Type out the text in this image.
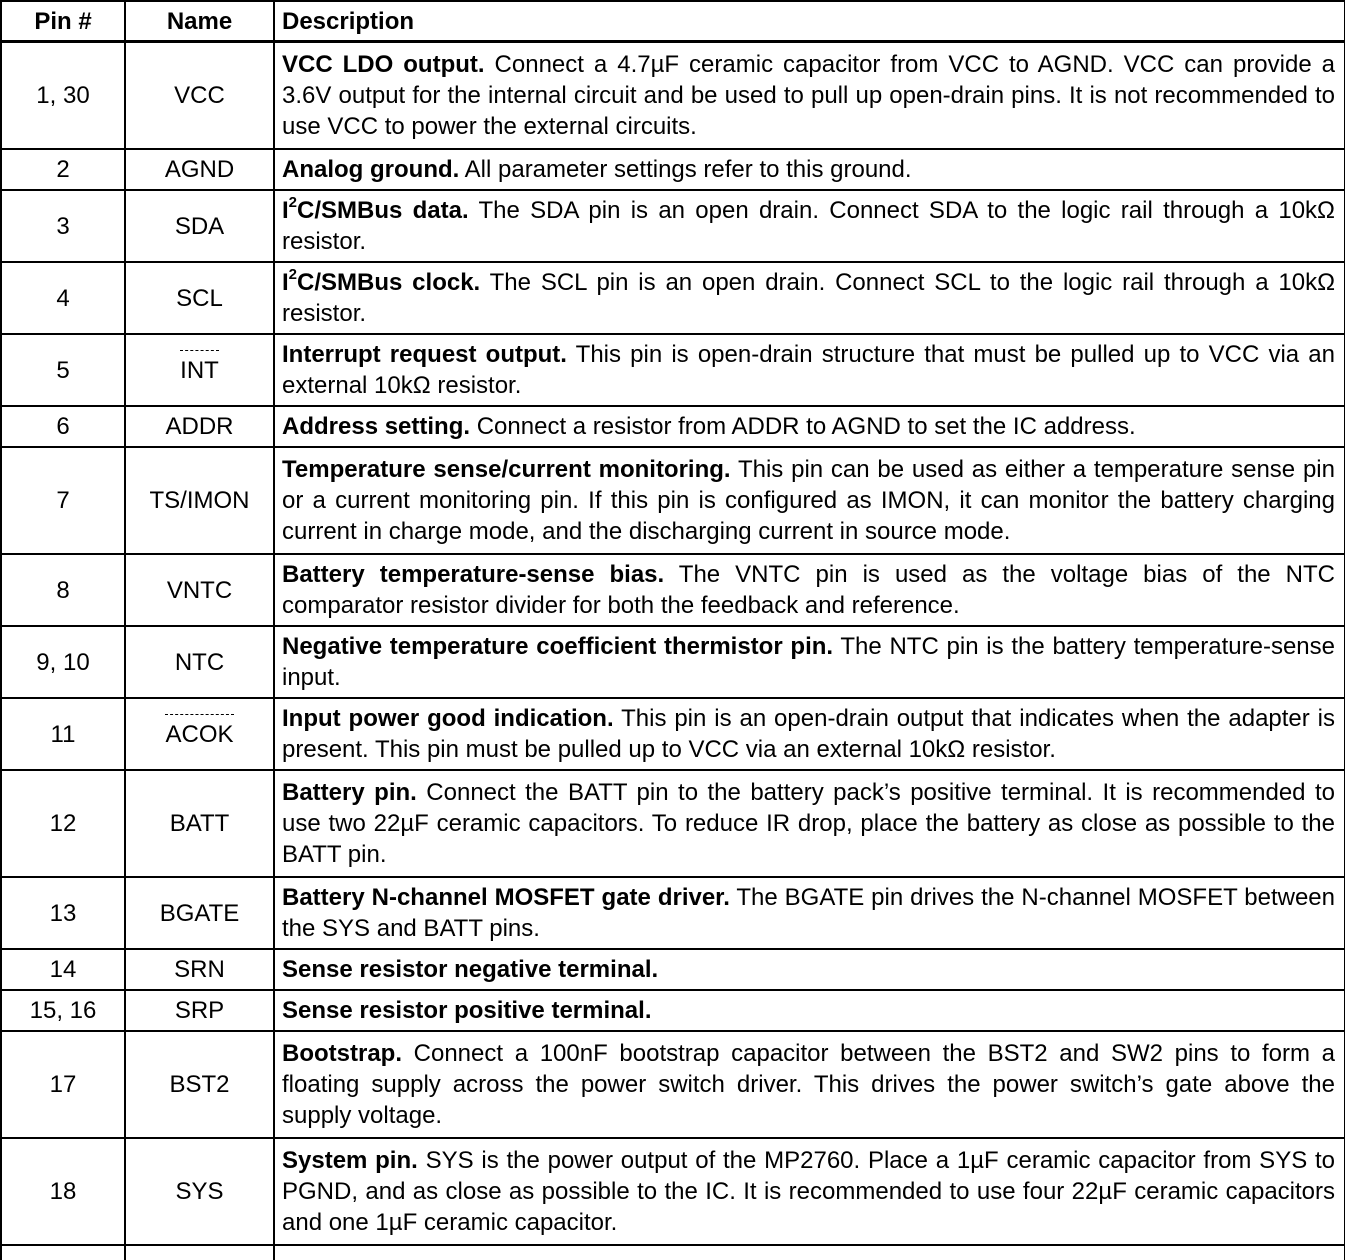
Pin #	Name	Description
1, 30	VCC	VCC LDO output. Connect a 4.7µF ceramic capacitor from VCC to AGND. VCC can provide a 3.6V output for the internal circuit and be used to pull up open-drain pins. It is not recommended to use VCC to power the external circuits.
2	AGND	Analog ground. All parameter settings refer to this ground.
3	SDA	$I^2C$/SMBus data. The SDA pin is an open drain. Connect SDA to the logic rail through a 10kΩ resistor.
4	SCL	$I^2C$/SMBus clock. The SCL pin is an open drain. Connect SCL to the logic rail through a 10kΩ resistor.
5	INT	Interrupt request output. This pin is open-drain structure that must be pulled up to VCC via an external 10kΩ resistor.
6	ADDR	Address setting. Connect a resistor from ADDR to AGND to set the IC address.
7	TS/IMON	Temperature sense/current monitoring. This pin can be used as either a temperature sense pin or a current monitoring pin. If this pin is configured as IMON, it can monitor the battery charging current in charge mode, and the discharging current in source mode.
8	VNTC	Battery temperature-sense bias. The VNTC pin is used as the voltage bias of the NTC comparator resistor divider for both the feedback and reference.
9, 10	NTC	Negative temperature coefficient thermistor pin. The NTC pin is the battery temperature-sense input.
11	ACOK	Input power good indication. This pin is an open-drain output that indicates when the adapter is present. This pin must be pulled up to VCC via an external 10kΩ resistor.
12	BATT	Battery pin. Connect the BATT pin to the battery pack’s positive terminal. It is recommended to use two 22µF ceramic capacitors. To reduce IR drop, place the battery as close as possible to the BATT pin.
13	BGATE	Battery N-channel MOSFET gate driver. The BGATE pin drives the N-channel MOSFET between the SYS and BATT pins.
14	SRN	Sense resistor negative terminal.
15, 16	SRP	Sense resistor positive terminal.
17	BST2	Bootstrap. Connect a 100nF bootstrap capacitor between the BST2 and SW2 pins to form a floating supply across the power switch driver. This drives the power switch’s gate above the supply voltage.
18	SYS	System pin. SYS is the power output of the MP2760. Place a 1µF ceramic capacitor from SYS to PGND, and as close as possible to the IC. It is recommended to use four 22µF ceramic capacitors and one 1µF ceramic capacitor.
